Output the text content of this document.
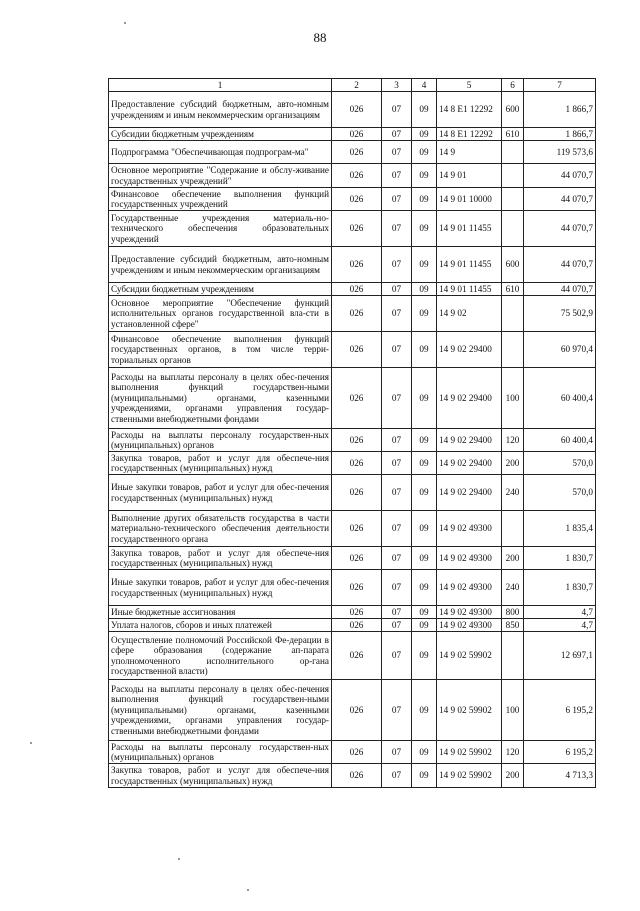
88
1	2	3	4	5	6	7
Предоставление субсидий бюджетным, авто-номным учреждениям и иным некоммерческим организациям	026	07	09	14 8 E1 12292	600	1 866,7
Субсидии бюджетным учреждениям	026	07	09	14 8 E1 12292	610	1 866,7
Подпрограмма "Обеспечивающая подпрограм-ма"	026	07	09	14 9		119 573,6
Основное мероприятие "Содержание и обслу-живание государственных учреждений"	026	07	09	14 9 01		44 070,7
Финансовое обеспечение выполнения функций государственных учреждений	026	07	09	14 9 01 10000		44 070,7
Государственные учреждения материаль-но-технического обеспечения образовательных учреждений	026	07	09	14 9 01 11455		44 070,7
Предоставление субсидий бюджетным, авто-номным учреждениям и иным некоммерческим организациям	026	07	09	14 9 01 11455	600	44 070,7
Субсидии бюджетным учреждениям	026	07	09	14 9 01 11455	610	44 070,7
Основное мероприятие "Обеспечение функций исполнительных органов государственной вла-сти в установленной сфере"	026	07	09	14 9 02		75 502,9
Финансовое обеспечение выполнения функций государственных органов, в том числе терри-ториальных органов	026	07	09	14 9 02 29400		60 970,4
Расходы на выплаты персоналу в целях обес-печения выполнения функций государствен-ными (муниципальными) органами, казенными учреждениями, органами управления государ-ственными внебюджетными фондами	026	07	09	14 9 02 29400	100	60 400,4
Расходы на выплаты персоналу государствен-ных (муниципальных) органов	026	07	09	14 9 02 29400	120	60 400,4
Закупка товаров, работ и услуг для обеспече-ния государственных (муниципальных) нужд	026	07	09	14 9 02 29400	200	570,0
Иные закупки товаров, работ и услуг для обес-печения государственных (муниципальных) нужд	026	07	09	14 9 02 29400	240	570,0
Выполнение других обязательств государства в части материально-технического обеспечения деятельности государственного органа	026	07	09	14 9 02 49300		1 835,4
Закупка товаров, работ и услуг для обеспече-ния государственных (муниципальных) нужд	026	07	09	14 9 02 49300	200	1 830,7
Иные закупки товаров, работ и услуг для обес-печения государственных (муниципальных) нужд	026	07	09	14 9 02 49300	240	1 830,7
Иные бюджетные ассигнования	026	07	09	14 9 02 49300	800	4,7
Уплата налогов, сборов и иных платежей	026	07	09	14 9 02 49300	850	4,7
Осуществление полномочий Российской Фе-дерации в сфере образования (содержание ап-парата уполномоченного исполнительного ор-гана государственной власти)	026	07	09	14 9 02 59902		12 697,1
Расходы на выплаты персоналу в целях обес-печения выполнения функций государствен-ными (муниципальными) органами, казенными учреждениями, органами управления государ-ственными внебюджетными фондами	026	07	09	14 9 02 59902	100	6 195,2
Расходы на выплаты персоналу государствен-ных (муниципальных) органов	026	07	09	14 9 02 59902	120	6 195,2
Закупка товаров, работ и услуг для обеспече-ния государственных (муниципальных) нужд	026	07	09	14 9 02 59902	200	4 713,3
